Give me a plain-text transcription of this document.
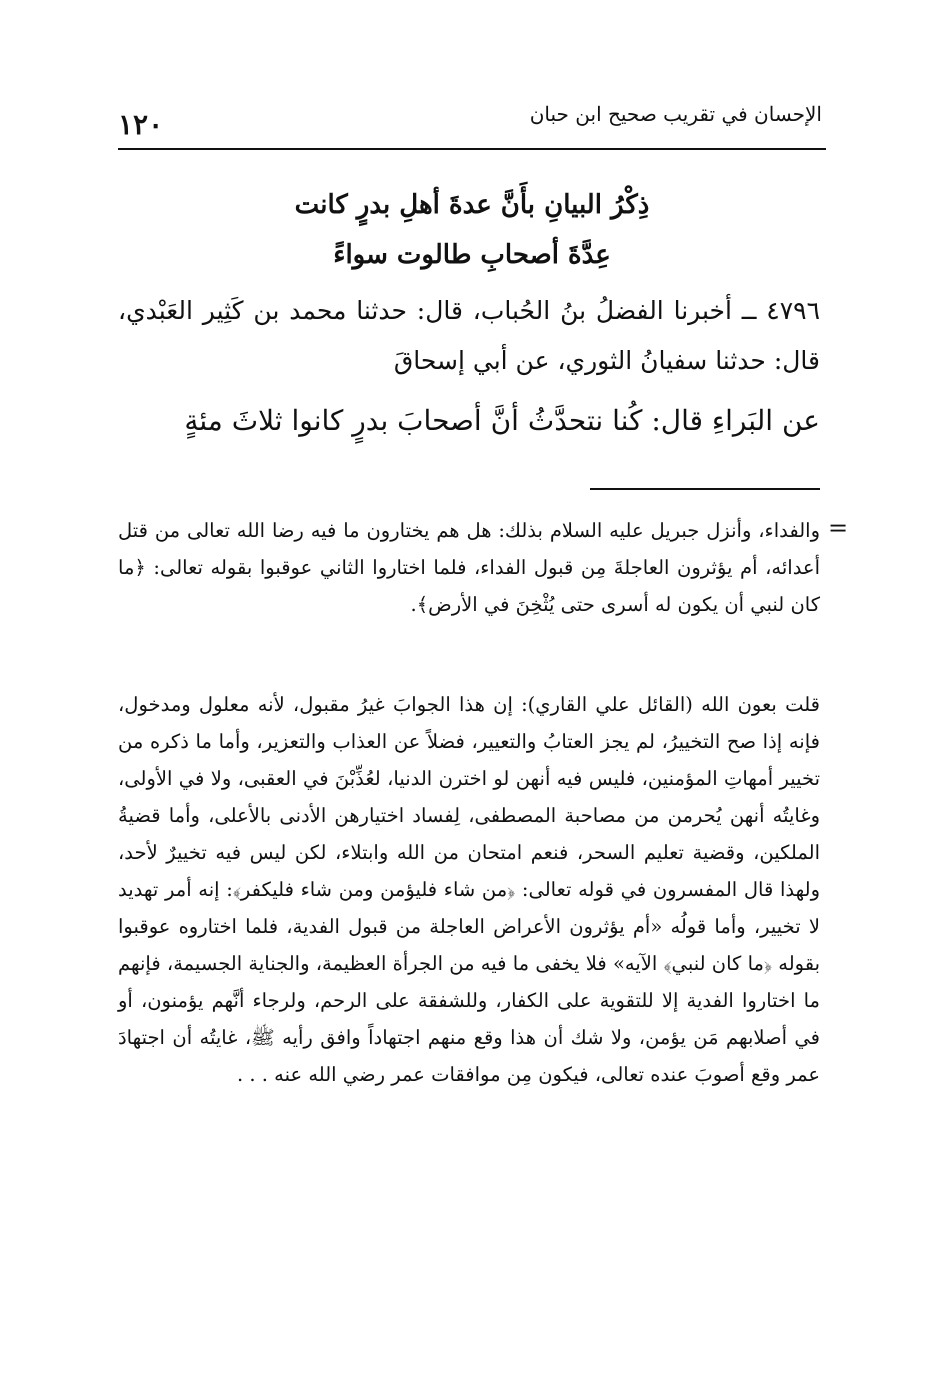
الإحسان في تقريب صحيح ابن حبان
١٢٠
ذِكْرُ البيانِ بأَنَّ عدةَ أهلِ بدرٍ كانت
عِدَّةَ أصحابِ طالوت سواءً
٤٧٩٦ ــ أخبرنا الفضلُ بنُ الحُباب، قال: حدثنا محمد بن كَثِير العَبْدي، قال: حدثنا سفيانُ الثوري، عن أبي إسحاقَ
عن البَراءِ قال: كُنا نتحدَّثُ أنَّ أصحابَ بدرٍ كانوا ثلاثَ مئةٍ
=
والفداء، وأنزل جبريل عليه السلام بذلك: هل هم يختارون ما فيه رضا الله تعالى من قتل أعدائه، أم يؤثرون العاجلةَ مِن قبول الفداء، فلما اختاروا الثاني عوقبوا بقوله تعالى: ﴿ما كان لنبي أن يكون له أسرى حتى يُثْخِنَ في الأرض﴾.
قلت بعون الله (القائل علي القاري): إن هذا الجوابَ غيرُ مقبول، لأنه معلول ومدخول، فإنه إذا صح التخييرُ، لم يجز العتابُ والتعيير، فضلاً عن العذاب والتعزير، وأما ما ذكره من تخيير أمهاتِ المؤمنين، فليس فيه أنهن لو اخترن الدنيا، لعُذِّبْنَ في العقبى، ولا في الأولى، وغايتُه أنهن يُحرمن من مصاحبة المصطفى، لِفساد اختيارهن الأدنى بالأعلى، وأما قضيةُ الملكين، وقضية تعليم السحر، فنعم امتحان من الله وابتلاء، لكن ليس فيه تخييرٌ لأحد، ولهذا قال المفسرون في قوله تعالى: ﴿من شاء فليؤمن ومن شاء فليكفر﴾: إنه أمر تهديد لا تخيير، وأما قولُه «أم يؤثرون الأعراض العاجلة من قبول الفدية، فلما اختاروه عوقبوا بقوله ﴿ما كان لنبي﴾ الآيه» فلا يخفى ما فيه من الجرأة العظيمة، والجناية الجسيمة، فإنهم ما اختاروا الفدية إلا للتقوية على الكفار، وللشفقة على الرحم، ولرجاء أنَّهم يؤمنون، أو في أصلابهم مَن يؤمن، ولا شك أن هذا وقع منهم اجتهاداً وافق رأيه ﷺ، غايتُه أن اجتهادَ عمر وقع أصوبَ عنده تعالى، فيكون مِن موافقات عمر رضي الله عنه . . .
